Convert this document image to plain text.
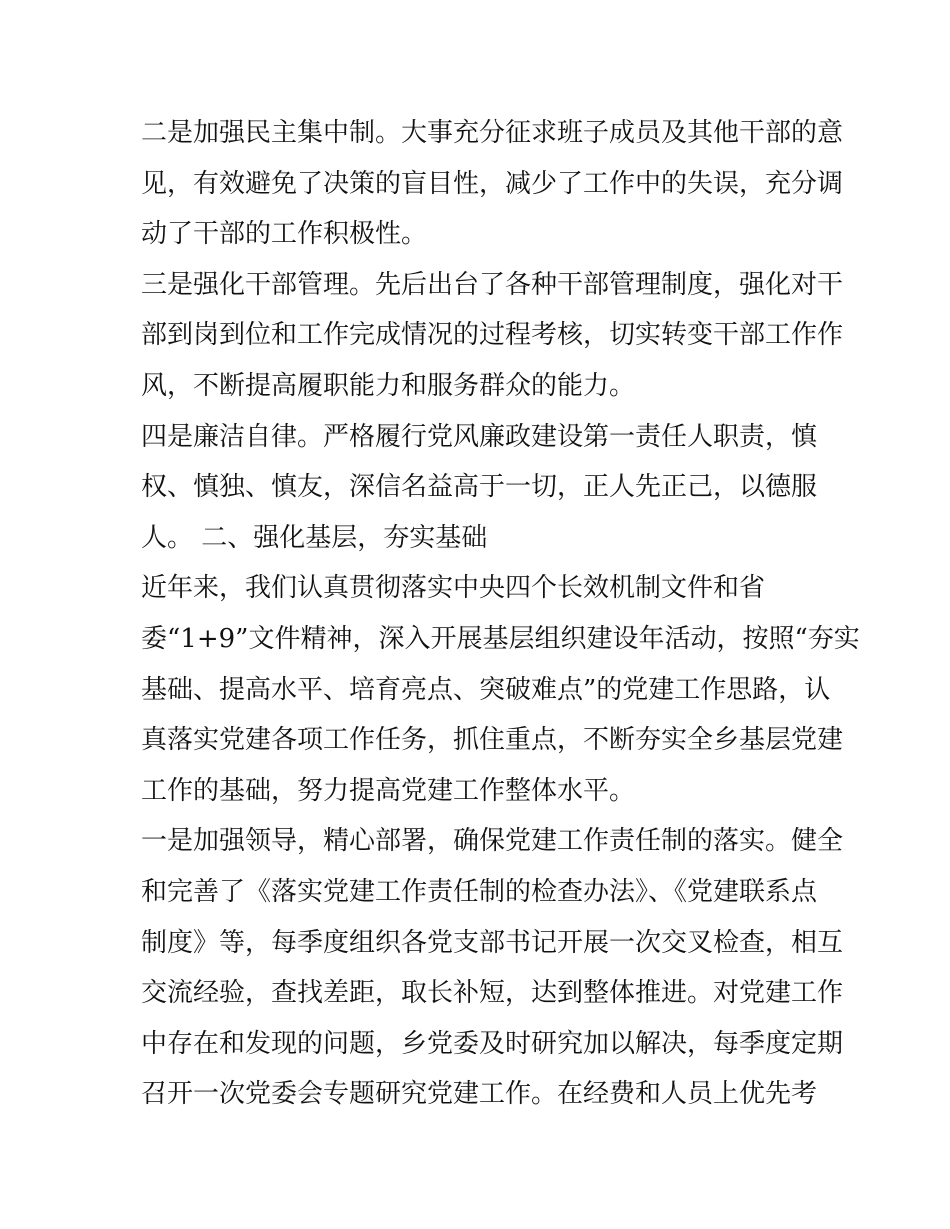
二是加强民主集中制。大事充分征求班子成员及其他干部的意
见，有效避免了决策的盲目性，减少了工作中的失误，充分调
动了干部的工作积极性。
三是强化干部管理。先后出台了各种干部管理制度，强化对干
部到岗到位和工作完成情况的过程考核，切实转变干部工作作
风，不断提高履职能力和服务群众的能力。
四是廉洁自律。严格履行党风廉政建设第一责任人职责，慎
权、慎独、慎友，深信名益高于一切，正人先正己，以德服
人。 二、强化基层，夯实基础
近年来，我们认真贯彻落实中央四个长效机制文件和省
委“1+9”文件精神，深入开展基层组织建设年活动，按照“夯实
基础、提高水平、培育亮点、突破难点”的党建工作思路，认
真落实党建各项工作任务，抓住重点，不断夯实全乡基层党建
工作的基础，努力提高党建工作整体水平。
一是加强领导，精心部署，确保党建工作责任制的落实。健全
和完善了《落实党建工作责任制的检查办法》、《党建联系点
制度》等，每季度组织各党支部书记开展一次交叉检查，相互
交流经验，查找差距，取长补短，达到整体推进。对党建工作
中存在和发现的问题，乡党委及时研究加以解决，每季度定期
召开一次党委会专题研究党建工作。在经费和人员上优先考
